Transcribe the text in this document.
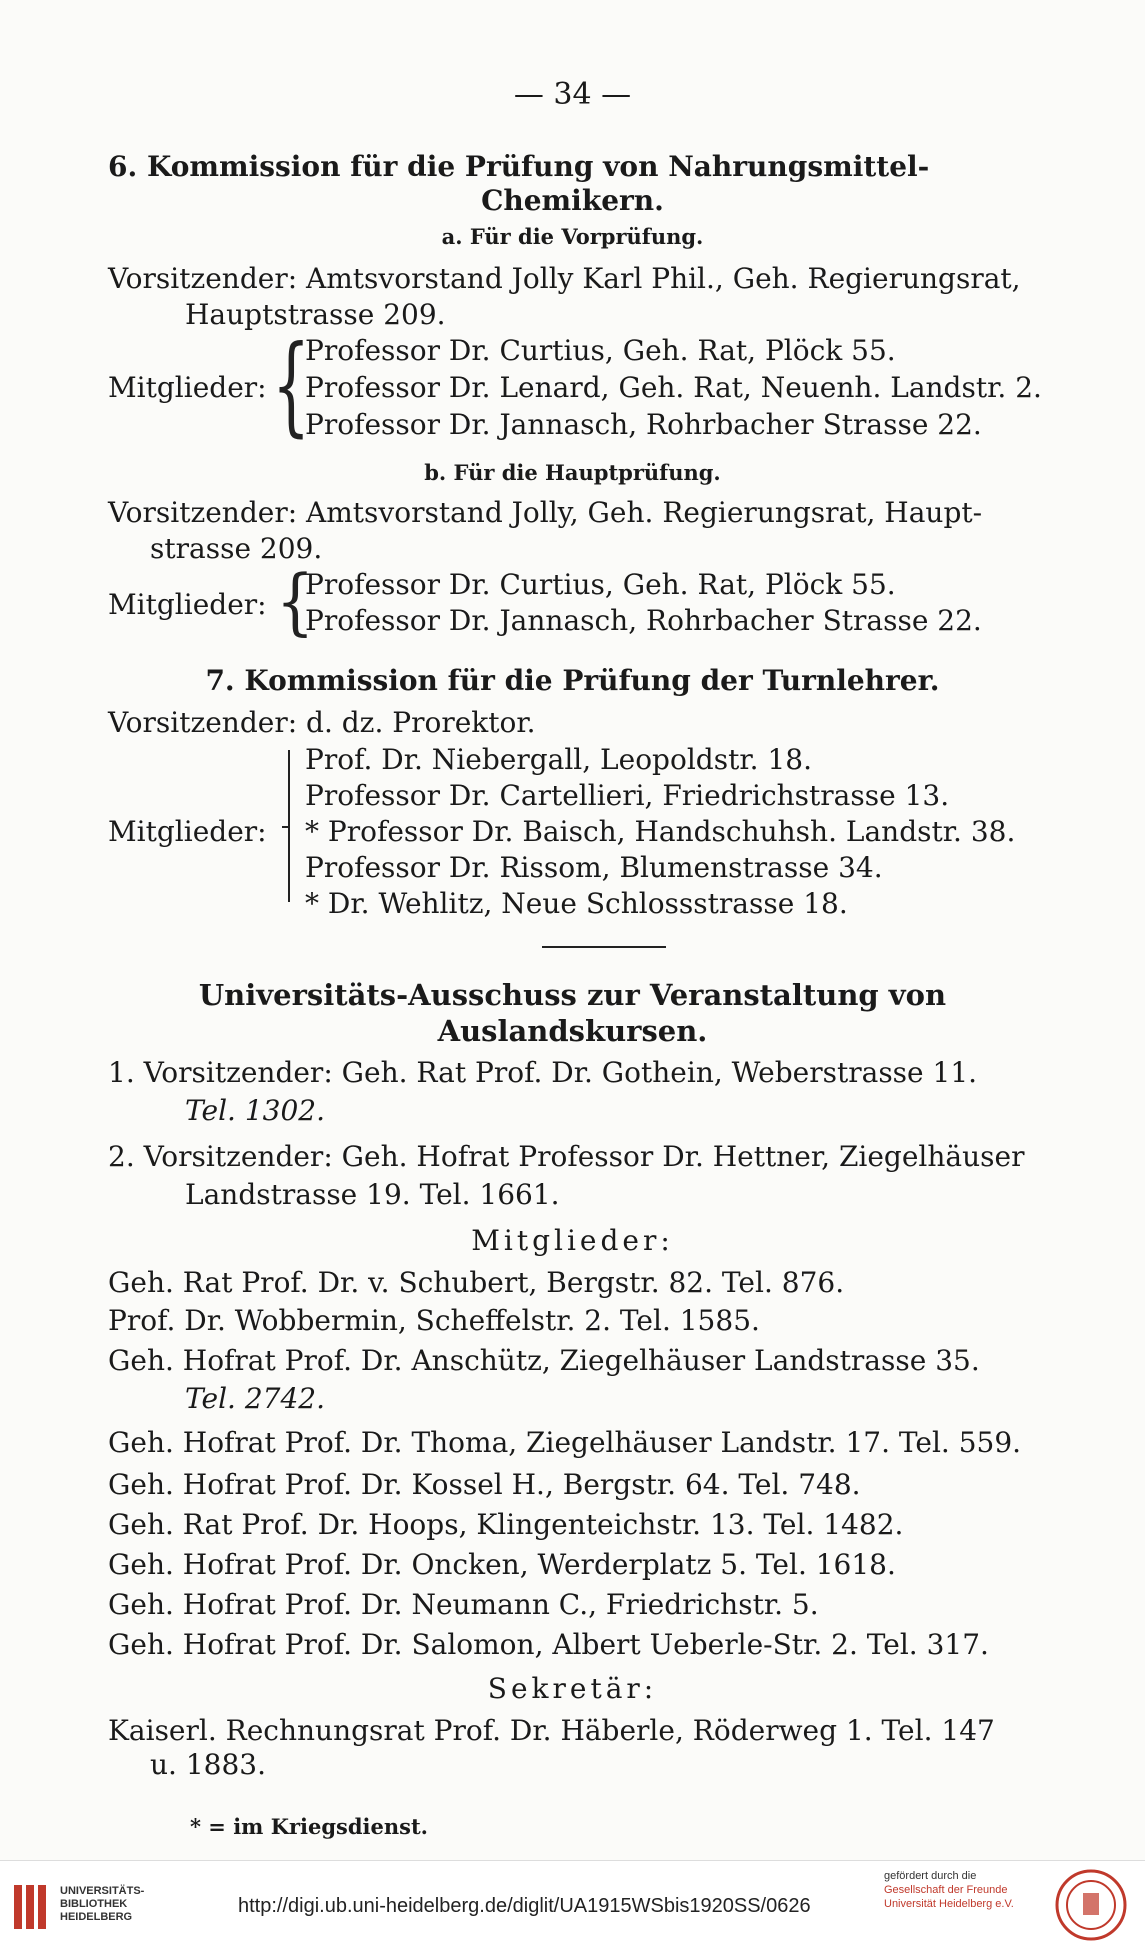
— 34 —
6. Kommission für die Prüfung von Nahrungsmittel-
Chemikern.
a. Für die Vorprüfung.
Vorsitzender: Amtsvorstand Jolly Karl Phil., Geh. Regierungsrat,
Hauptstrasse 209.
Mitglieder: {
Professor Dr. Curtius, Geh. Rat, Plöck 55.
Professor Dr. Lenard, Geh. Rat, Neuenh. Landstr. 2.
Professor Dr. Jannasch, Rohrbacher Strasse 22.
b. Für die Hauptprüfung.
Vorsitzender: Amtsvorstand Jolly, Geh. Regierungsrat, Haupt-
strasse 209.
Mitglieder: {
Professor Dr. Curtius, Geh. Rat, Plöck 55.
Professor Dr. Jannasch, Rohrbacher Strasse 22.
7. Kommission für die Prüfung der Turnlehrer.
Vorsitzender: d. dz. Prorektor.
Mitglieder:
Prof. Dr. Niebergall, Leopoldstr. 18.
Professor Dr. Cartellieri, Friedrichstrasse 13.
* Professor Dr. Baisch, Handschuhsh. Landstr. 38.
Professor Dr. Rissom, Blumenstrasse 34.
* Dr. Wehlitz, Neue Schlossstrasse 18.
Universitäts-Ausschuss zur Veranstaltung von
Auslandskursen.
1. Vorsitzender: Geh. Rat Prof. Dr. Gothein, Weberstrasse 11.
Tel. 1302.
2. Vorsitzender: Geh. Hofrat Professor Dr. Hettner, Ziegelhäuser
Landstrasse 19. Tel. 1661.
Mitglieder:
Geh. Rat Prof. Dr. v. Schubert, Bergstr. 82. Tel. 876.
Prof. Dr. Wobbermin, Scheffelstr. 2. Tel. 1585.
Geh. Hofrat Prof. Dr. Anschütz, Ziegelhäuser Landstrasse 35.
Tel. 2742.
Geh. Hofrat Prof. Dr. Thoma, Ziegelhäuser Landstr. 17. Tel. 559.
Geh. Hofrat Prof. Dr. Kossel H., Bergstr. 64. Tel. 748.
Geh. Rat Prof. Dr. Hoops, Klingenteichstr. 13. Tel. 1482.
Geh. Hofrat Prof. Dr. Oncken, Werderplatz 5. Tel. 1618.
Geh. Hofrat Prof. Dr. Neumann C., Friedrichstr. 5.
Geh. Hofrat Prof. Dr. Salomon, Albert Ueberle-Str. 2. Tel. 317.
Sekretär:
Kaiserl. Rechnungsrat Prof. Dr. Häberle, Röderweg 1. Tel. 147
u. 1883.
* = im Kriegsdienst.
UNIVERSITÄTS-
BIBLIOTHEK
HEIDELBERG	http://digi.ub.uni-heidelberg.de/diglit/UA1915WSbis1920SS/0626
gefördert durch die
Gesellschaft der Freunde
Universität Heidelberg e.V.
